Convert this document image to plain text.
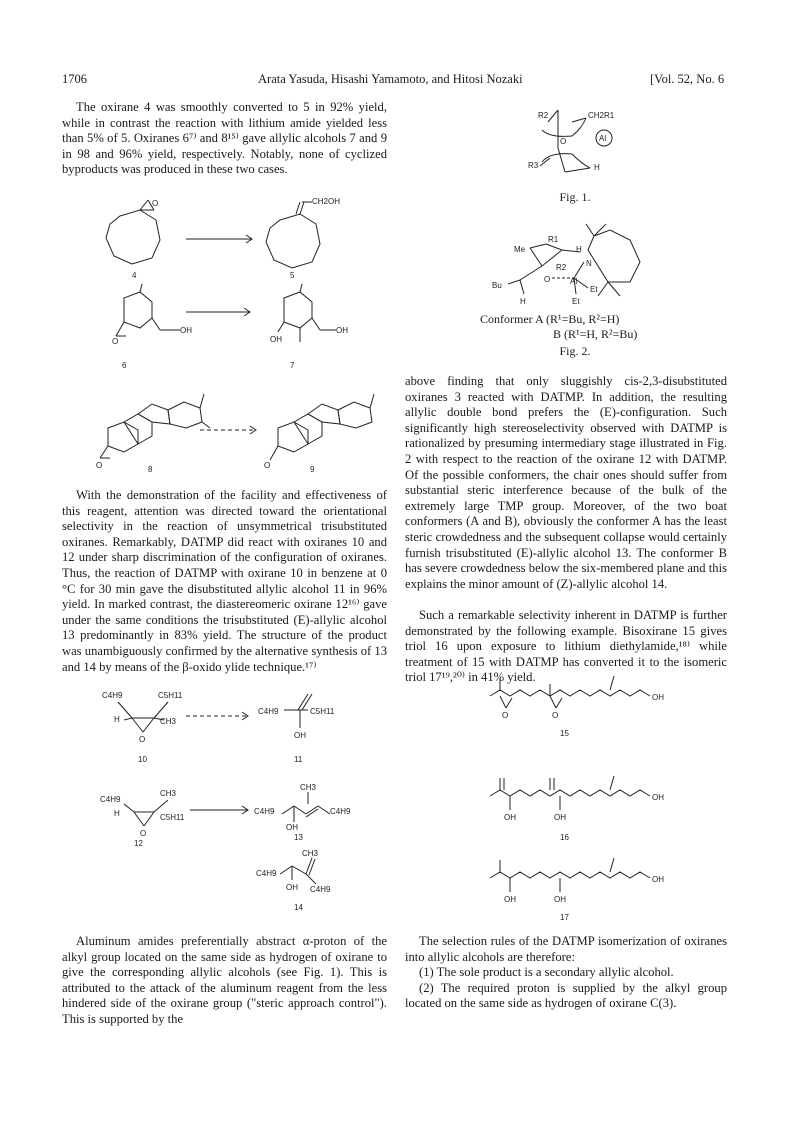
1706	Arata Yasuda, Hisashi Yamamoto, and Hitosi Nozaki	[Vol. 52, No. 6

The oxirane 4 was smoothly converted to 5 in 92% yield, while in contrast the reaction with lithium amide yielded less than 5% of 5. Oxiranes 6⁷⁾ and 8¹⁵⁾ gave allylic alcohols 7 and 9 in 98 and 96% yield, respectively. Notably, none of cyclized byproducts was produced in these two cases.

With the demonstration of the facility and effectiveness of this reagent, attention was directed toward the orientational selectivity in the reaction of unsymmetrical trisubstituted oxiranes. Remarkably, DATMP did react with oxiranes 10 and 12 under sharp discrimination of the configuration of oxiranes. Thus, the reaction of DATMP with oxirane 10 in benzene at 0 °C for 30 min gave the disubstituted allylic alcohol 11 in 96% yield. In marked contrast, the diastereomeric oxirane 12¹⁶⁾ gave under the same conditions the trisubstituted (E)-allylic alcohol 13 predominantly in 83% yield. The structure of the product was unambiguously confirmed by the alternative synthesis of 13 and 14 by means of the β-oxido ylide technique.¹⁷⁾

Aluminum amides preferentially abstract α-proton of the alkyl group located on the same side as hydrogen of oxirane to give the corresponding allylic alcohols (see Fig. 1). This is attributed to the attack of the aluminum reagent from the less hindered side of the oxirane group ("steric approach control"). This is supported by the

above finding that only sluggishly cis-2,3-disubstituted oxiranes 3 reacted with DATMP. In addition, the resulting allylic double bond prefers the (E)-configuration. Such significantly high stereoselectivity observed with DATMP is rationalized by presuming intermediary stage illustrated in Fig. 2 with respect to the reaction of the oxirane 12 with DATMP. Of the possible conformers, the chair ones should suffer from substantial steric interference because of the bulk of the extremely large TMP group. Moreover, of the two boat conformers (A and B), obviously the conformer A has the least steric crowdedness and the subsequent collapse would certainly furnish trisubstituted (E)-allylic alcohol 13. The conformer B has severe crowdedness below the six-membered plane and this explains the minor amount of (Z)-allylic alcohol 14.

Such a remarkable selectivity inherent in DATMP is further demonstrated by the following example. Bisoxirane 15 gives triol 16 upon exposure to lithium diethylamide,¹⁸⁾ while treatment of 15 with DATMP has converted it to the isomeric triol 17¹⁹,²⁰⁾ in 41% yield.

The selection rules of the DATMP isomerization of oxiranes into allylic alcohols are therefore:

(1) The sole product is a secondary allylic alcohol.

(2) The required proton is supplied by the alkyl group located on the same side as hydrogen of oxirane C(3).

R2	CH2R1
O	Al
R3	H
Fig. 1.
Me
R1
H
N
R2
O Al
Bu	Et
Et
H
Conformer A (R¹=Bu, R²=H)
B (R¹=H, R²=Bu)
Fig. 2.
O	CH2OH
4	5
OH
O
OH
OH
6	7
O	O
8	9
C4H9	C5H11
H	CH3
O
C4H9	C5H11
OH
10	11
C4H9
CH3
H	C5H11
O
12
CH3
C4H9	C4H9
OH
13
CH3
C4H9
OH C4H9
14
O	O
OH
15
OH	OH
OH
16
OH	OH
OH
17
